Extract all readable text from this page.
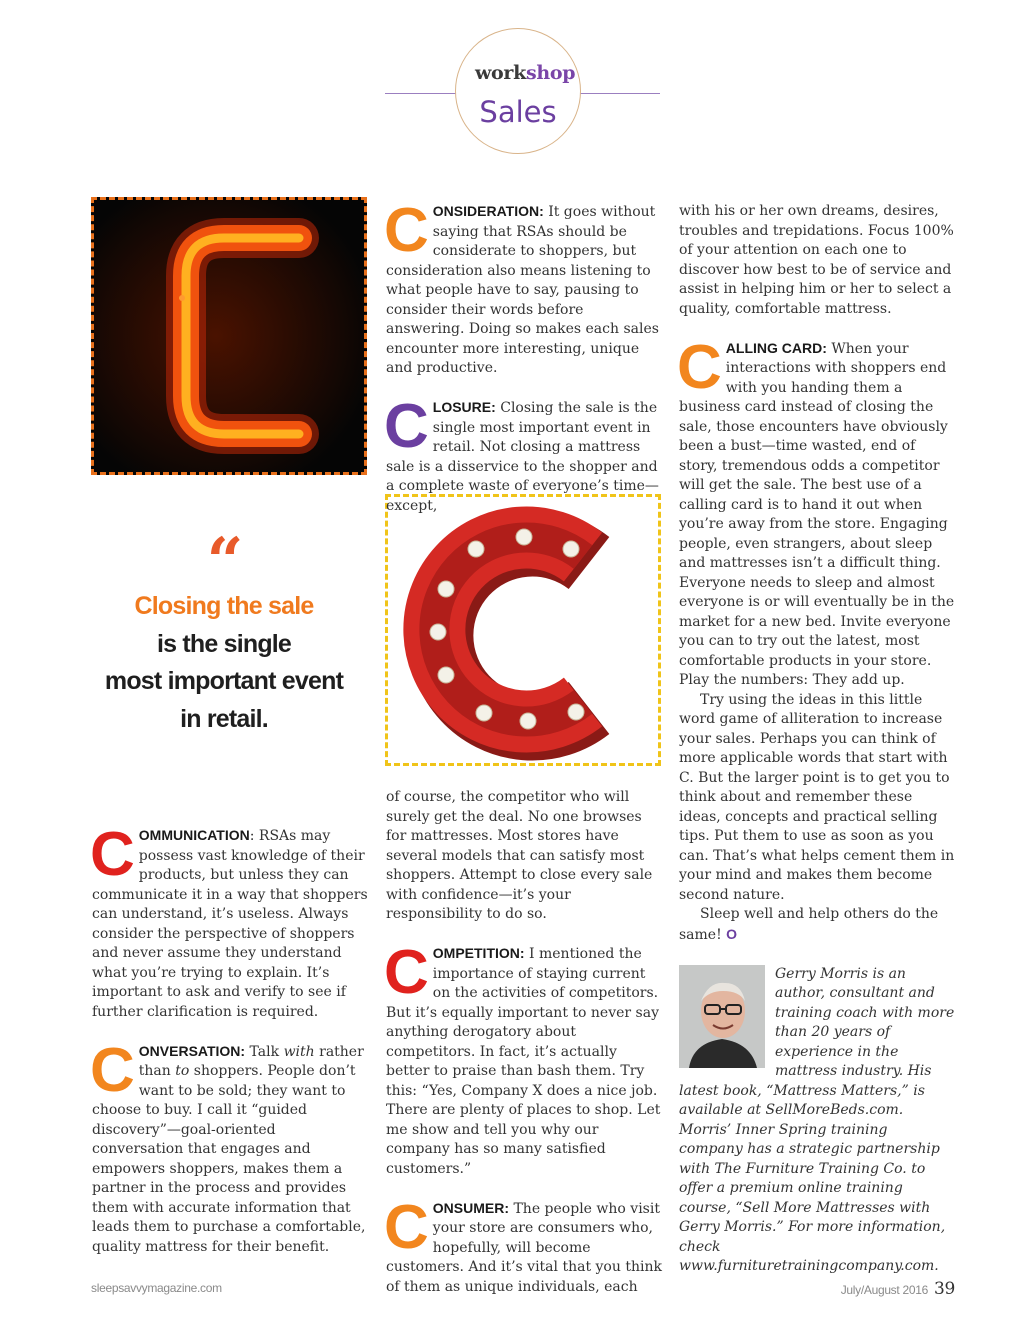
workshop
Sales
“
Closing the sale
is the single
most important event
in retail.

COMMUNICATION: RSAs may possess vast knowledge of their products, but unless they can communicate it in a way that shoppers can understand, it’s useless. Always consider the perspective of shoppers and never assume they understand what you’re trying to explain. It’s important to ask and verify to see if further clarification is required.

CONVERSATION: Talk with rather than to shoppers. People don’t want to be sold; they want to choose to buy. I call it “guided discovery”—goal-oriented conversation that engages and empowers shoppers, makes them a partner in the process and provides them with accurate information that leads them to purchase a comfortable, quality mattress for their benefit.

CONSIDERATION: It goes without saying that RSAs should be considerate to shoppers, but consideration also means listening to what people have to say, pausing to consider their words before answering. Doing so makes each sales encounter more interesting, unique and productive.

CLOSURE: Closing the sale is the single most important event in retail. Not closing a mattress sale is a disservice to the shopper and a complete waste of everyone’s time—except,

of course, the competitor who will surely get the deal. No one browses for mattresses. Most stores have several models that can satisfy most shoppers. Attempt to close every sale with confidence—it’s your responsibility to do so.

COMPETITION: I mentioned the importance of staying current on the activities of competitors. But it’s equally important to never say anything derogatory about competitors. In fact, it’s actually better to praise than bash them. Try this: “Yes, Company X does a nice job. There are plenty of places to shop. Let me show and tell you why our company has so many satisfied customers.”

CONSUMER: The people who visit your store are consumers who, hopefully, will become customers. And it’s vital that you think of them as unique individuals, each

with his or her own dreams, desires, troubles and trepidations. Focus 100% of your attention on each one to discover how best to be of service and assist in helping him or her to select a quality, comfortable mattress.

CALLING CARD: When your interactions with shoppers end with you handing them a business card instead of closing the sale, those encounters have obviously been a bust—time wasted, end of story, tremendous odds a competitor will get the sale. The best use of a calling card is to hand it out when you’re away from the store. Engaging people, even strangers, about sleep and mattresses isn’t a difficult thing. Everyone needs to sleep and almost everyone is or will eventually be in the market for a new bed. Invite everyone you can to try out the latest, most comfortable products in your store. Play the numbers: They add up.

Try using the ideas in this little word game of alliteration to increase your sales. Perhaps you can think of more applicable words that start with C. But the larger point is to get you to think about and remember these ideas, concepts and practical selling tips. Put them to use as soon as you can. That’s what helps cement them in your mind and makes them become second nature.

Sleep well and help others do the same! O

Gerry Morris is an author, consultant and training coach with more than 20 years of experience in the mattress industry. His latest book, “Mattress Matters,” is available at SellMoreBeds.com. Morris’ Inner Spring training company has a strategic partnership with The Furniture Training Co. to offer a premium online training course, “Sell More Mattresses with Gerry Morris.” For more information, check www.furnituretrainingcompany.com.

sleepsavvymagazine.com	July/August 2016 39
